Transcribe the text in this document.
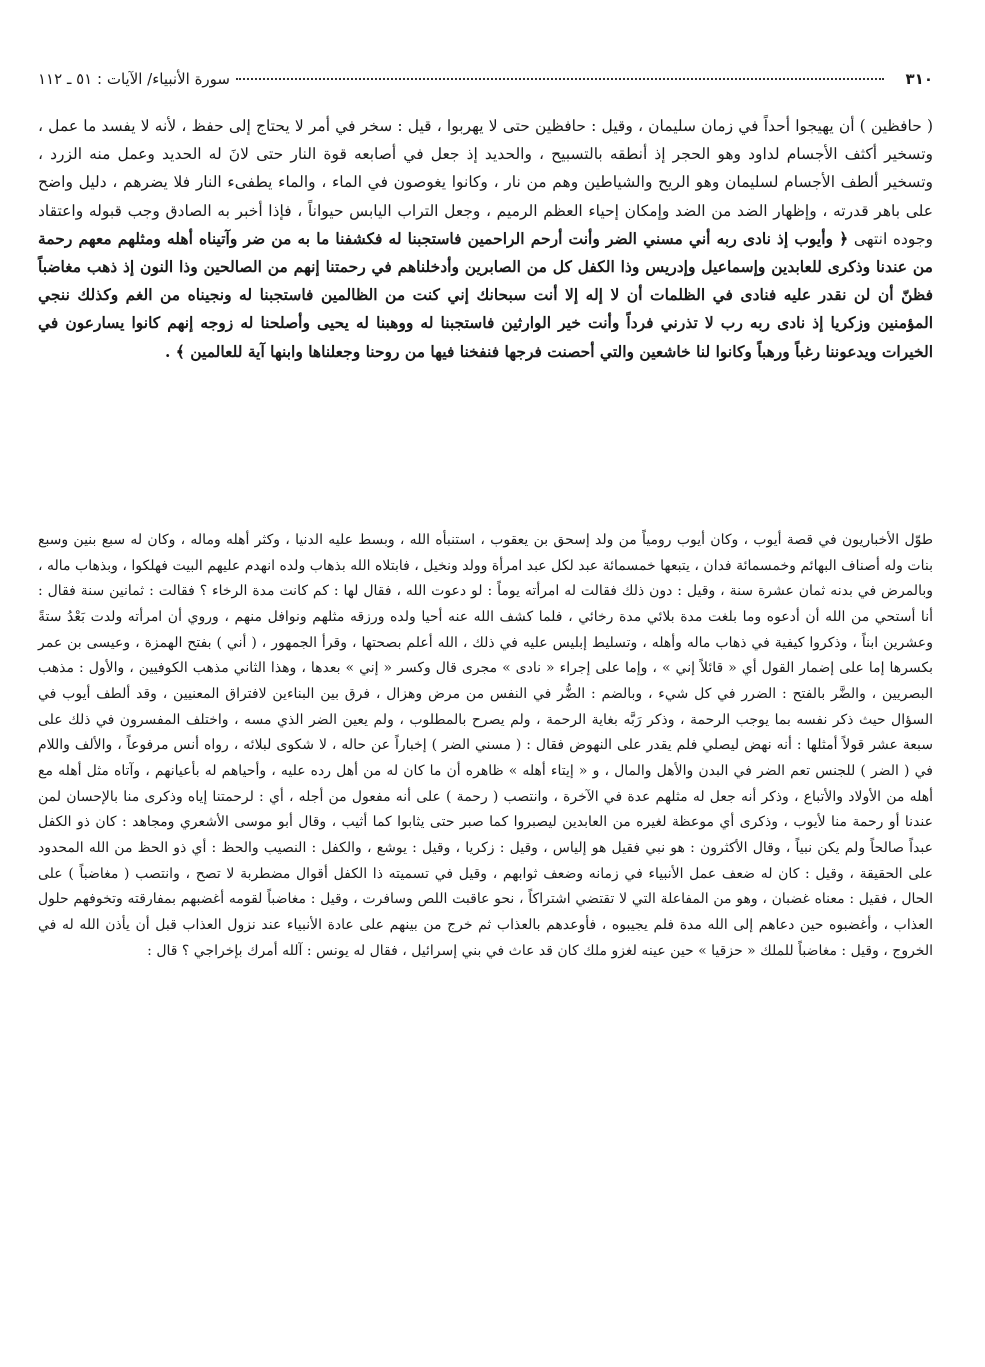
٣١٠
سورة الأنبياء/ الآيات : ٥١ ـ ١١٢

( حافظين ) أن يهيجوا أحداً في زمان سليمان ، وقيل : حافظين حتى لا يهربوا ، قيل : سخر في أمر لا يحتاج إلى حفظ ، لأنه لا يفسد ما عمل ، وتسخير أكثف الأجسام لداود وهو الحجر إذ أنطقه بالتسبيح ، والحديد إذ جعل في أصابعه قوة النار حتى لانَ له الحديد وعمل منه الزرد ، وتسخير ألطف الأجسام لسليمان وهو الريح والشياطين وهم من نار ، وكانوا يغوصون في الماء ، والماء يطفىء النار فلا يضرهم ، دليل واضح على باهر قدرته ، وإظهار الضد من الضد وإمكان إحياء العظم الرميم ، وجعل التراب اليابس حيواناً ، فإذا أخبر به الصادق وجب قبوله واعتقاد وجوده انتهى ﴿ وأيوب إذ نادى ربه أني مسني الضر وأنت أرحم الراحمين فاستجبنا له فكشفنا ما به من ضر وآتيناه أهله ومثلهم معهم رحمة من عندنا وذكرى للعابدين وإسماعيل وإدريس وذا الكفل كل من الصابرين وأدخلناهم في رحمتنا إنهم من الصالحين وذا النون إذ ذهب مغاضباً فظنّ أن لن نقدر عليه فنادى في الظلمات أن لا إله إلا أنت سبحانك إني كنت من الظالمين فاستجبنا له ونجيناه من الغم وكذلك ننجي المؤمنين وزكريا إذ نادى ربه رب لا تذرني فرداً وأنت خير الوارثين فاستجبنا له ووهبنا له يحيى وأصلحنا له زوجه إنهم كانوا يسارعون في الخيرات ويدعوننا رغباً ورهباً وكانوا لنا خاشعين والتي أحصنت فرجها فنفخنا فيها من روحنا وجعلناها وابنها آية للعالمين ﴾ .

طوّل الأخباريون في قصة أيوب ، وكان أيوب رومياً من ولد إسحق بن يعقوب ، استنبأه الله ، وبسط عليه الدنيا ، وكثر أهله وماله ، وكان له سبع بنين وسبع بنات وله أصناف البهائم وخمسمائة فدان ، يتبعها خمسمائة عبد لكل عبد امرأة وولد ونخيل ، فابتلاه الله بذهاب ولده انهدم عليهم البيت فهلكوا ، وبذهاب ماله ، وبالمرض في بدنه ثمان عشرة سنة ، وقيل : دون ذلك فقالت له امرأته يوماً : لو دعوت الله ، فقال لها : كم كانت مدة الرخاء ؟ فقالت : ثمانين سنة فقال : أنا أستحي من الله أن أدعوه وما بلغت مدة بلائي مدة رخائي ، فلما كشف الله عنه أحيا ولده ورزقه مثلهم ونوافل منهم ، وروي أن امرأته ولدت بَعْدُ ستةً وعشرين ابناً ، وذكروا كيفية في ذهاب ماله وأهله ، وتسليط إبليس عليه في ذلك ، الله أعلم بصحتها ، وقرأ الجمهور ، ( أني ) بفتح الهمزة ، وعيسى بن عمر بكسرها إما على إضمار القول أي « قائلاً إني » ، وإما على إجراء « نادى » مجرى قال وكسر « إني » بعدها ، وهذا الثاني مذهب الكوفيين ، والأول : مذهب البصريين ، والضَّر بالفتح : الضرر في كل شيء ، وبالضم : الضُّر في النفس من مرض وهزال ، فرق بين البناءين لافتراق المعنيين ، وقد ألطف أيوب في السؤال حيث ذكر نفسه بما يوجب الرحمة ، وذكر رَبَّه بغاية الرحمة ، ولم يصرح بالمطلوب ، ولم يعين الضر الذي مسه ، واختلف المفسرون في ذلك على سبعة عشر قولاً أمثلها : أنه نهض ليصلي فلم يقدر على النهوض فقال : ( مسني الضر ) إخباراً عن حاله ، لا شكوى لبلائه ، رواه أنس مرفوعاً ، والألف واللام في ( الضر ) للجنس تعم الضر في البدن والأهل والمال ، و « إيتاء أهله » ظاهره أن ما كان له من أهل رده عليه ، وأحياهم له بأعيانهم ، وآتاه مثل أهله مع أهله من الأولاد والأتباع ، وذكر أنه جعل له مثلهم عدة في الآخرة ، وانتصب ( رحمة ) على أنه مفعول من أجله ، أي : لرحمتنا إياه وذكرى منا بالإحسان لمن عندنا أو رحمة منا لأيوب ، وذكرى أي موعظة لغيره من العابدين ليصبروا كما صبر حتى يثابوا كما أثيب ، وقال أبو موسى الأشعري ومجاهد : كان ذو الكفل عبداً صالحاً ولم يكن نبياً ، وقال الأكثرون : هو نبي فقيل هو إلياس ، وقيل : زكريا ، وقيل : يوشع ، والكفل : النصيب والحظ : أي ذو الحظ من الله المحدود على الحقيقة ، وقيل : كان له ضعف عمل الأنبياء في زمانه وضعف ثوابهم ، وقيل في تسميته ذا الكفل أقوال مضطربة لا تصح ، وانتصب ( مغاضباً ) على الحال ، فقيل : معناه غضبان ، وهو من المفاعلة التي لا تقتضي اشتراكاً ، نحو عاقبت اللص وسافرت ، وقيل : مغاضباً لقومه أغضبهم بمفارقته وتخوفهم حلول العذاب ، وأغضبوه حين دعاهم إلى الله مدة فلم يجيبوه ، فأوعدهم بالعذاب ثم خرج من بينهم على عادة الأنبياء عند نزول العذاب قبل أن يأذن الله له في الخروج ، وقيل : مغاضباً للملك « حزقيا » حين عينه لغزو ملك كان قد عاث في بني إسرائيل ، فقال له يونس : آلله أمرك بإخراجي ؟ قال :
